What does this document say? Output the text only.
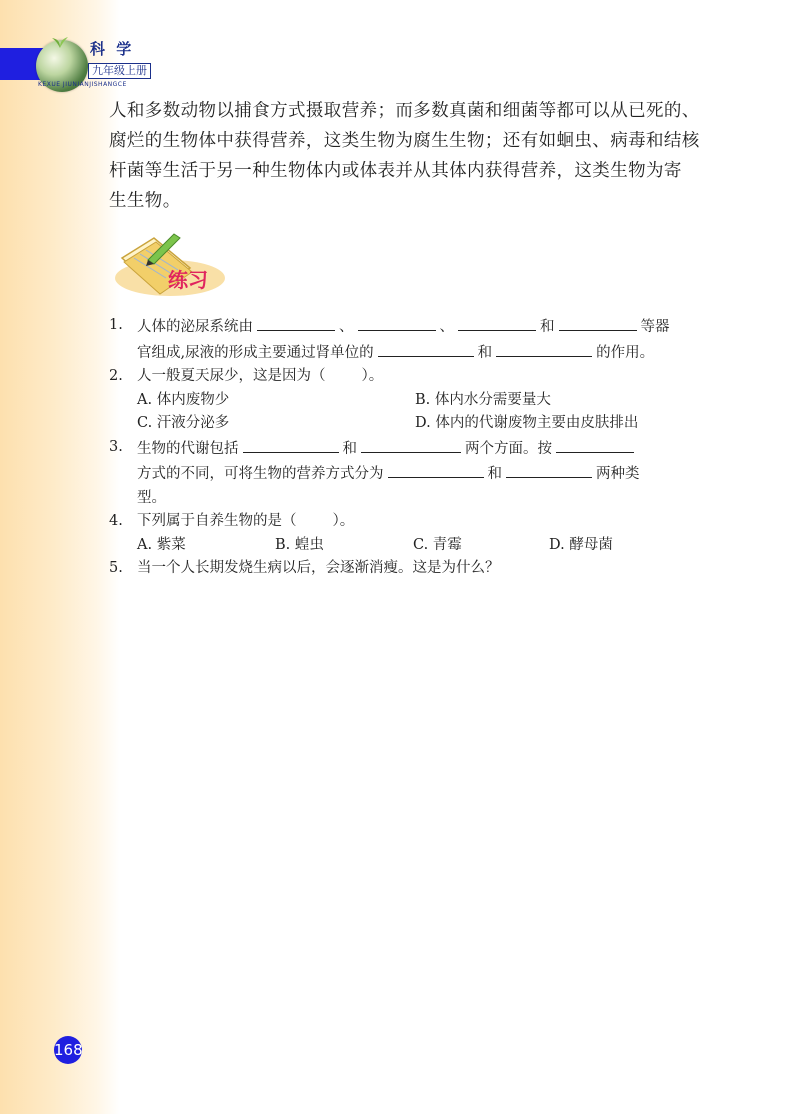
科 学
九年级上册
KEXUE JIUNIANJISHANGCE

人和多数动物以捕食方式摄取营养；而多数真菌和细菌等都可以从已死的、

腐烂的生物体中获得营养，这类生物为腐生生物；还有如蛔虫、病毒和结核

杆菌等生活于另一种生物体内或体表并从其体内获得营养，这类生物为寄

生生物。

练习
1. 人体的泌尿系统由	、	、	和	等器
官组成,尿液的形成主要通过肾单位的	和	的作用。
2. 人一般夏天尿少，这是因为（ ）。
A. 体内废物少	B. 体内水分需要量大
C. 汗液分泌多	D. 体内的代谢废物主要由皮肤排出
3. 生物的代谢包括	和	两个方面。按
方式的不同，可将生物的营养方式分为	和	两种类
型。
4. 下列属于自养生物的是（ ）。
A. 紫菜	B. 蝗虫	C. 青霉	D. 酵母菌
5. 当一个人长期发烧生病以后，会逐渐消瘦。这是为什么？
168
